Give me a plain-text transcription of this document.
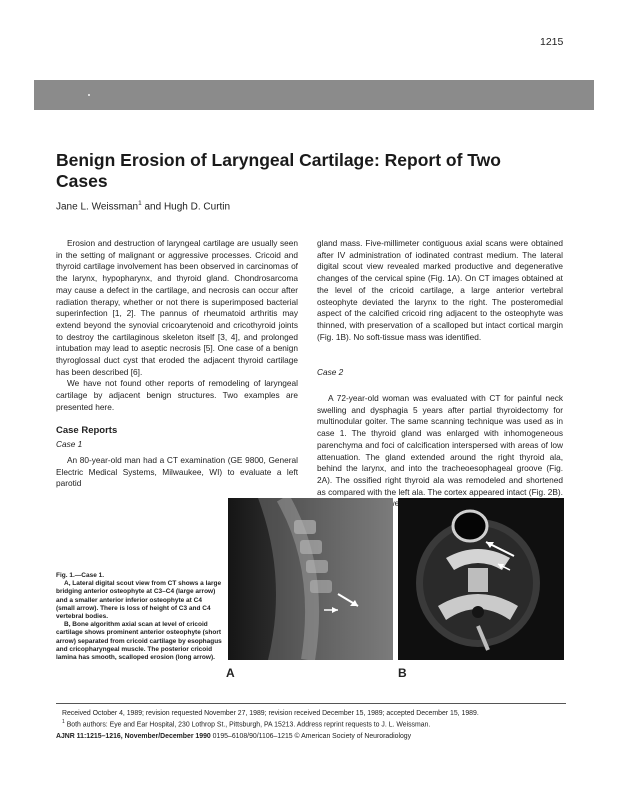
1215
Benign Erosion of Laryngeal Cartilage: Report of Two Cases
Jane L. Weissman$^1$ and Hugh D. Curtin

Erosion and destruction of laryngeal cartilage are usually seen in the setting of malignant or aggressive processes. Cricoid and thyroid cartilage involvement has been observed in carcinomas of the larynx, hypopharynx, and thyroid gland. Chondrosarcoma may cause a defect in the cartilage, and necrosis can occur after radiation therapy, whether or not there is superimposed bacterial superinfection [1, 2]. The pannus of rheumatoid arthritis may extend beyond the synovial cricoarytenoid and cricothyroid joints to destroy the cartilaginous skeleton itself [3, 4], and prolonged intubation may lead to aseptic necrosis [5]. One case of a benign thyroglossal duct cyst that eroded the adjacent thyroid cartilage has been described [6].

We have not found other reports of remodeling of laryngeal cartilage by adjacent benign structures. Two examples are presented here.

Case Reports
Case 1

An 80-year-old man had a CT examination (GE 9800, General Electric Medical Systems, Milwaukee, WI) to evaluate a left parotid

gland mass. Five-millimeter contiguous axial scans were obtained after IV administration of iodinated contrast medium. The lateral digital scout view revealed marked productive and degenerative changes of the cervical spine (Fig. 1A). On CT images obtained at the level of the cricoid cartilage, a large anterior vertebral osteophyte deviated the larynx to the right. The posteromedial aspect of the calcified cricoid ring adjacent to the osteophyte was thinned, with preservation of a scalloped but intact cortical margin (Fig. 1B). No soft-tissue mass was identified.

Case 2

A 72-year-old woman was evaluated with CT for painful neck swelling and dysphagia 5 years after partial thyroidectomy for multinodular goiter. The same scanning technique was used as in case 1. The thyroid gland was enlarged with inhomogeneous parenchyma and foci of calcification interspersed with areas of low attenuation. The gland extended around the right thyroid ala, behind the larynx, and into the tracheoesophageal groove (Fig. 2A). The ossified right thyroid ala was remodeled and shortened as compared with the left ala. The cortex appeared intact (Fig. 2B).

Fig. 1.—Case 1.

A, Lateral digital scout view from CT shows a large bridging anterior osteophyte at C3–C4 (large arrow) and a smaller anterior inferior osteophyte at C4 (small arrow). There is loss of height of C3 and C4 vertebral bodies.

B, Bone algorithm axial scan at level of cricoid cartilage shows prominent anterior osteophyte (short arrow) separated from cricoid cartilage by esophagus and cricopharyngeal muscle. The posterior cricoid lamina has smooth, scalloped erosion (long arrow).

A	B

Received October 4, 1989; revision requested November 27, 1989; revision received December 15, 1989; accepted December 15, 1989.

$^1$ Both authors: Eye and Ear Hospital, 230 Lothrop St., Pittsburgh, PA 15213. Address reprint requests to J. L. Weissman.

AJNR 11:1215–1216, November/December 1990 0195–6108/90/1106–1215 © American Society of Neuroradiology
